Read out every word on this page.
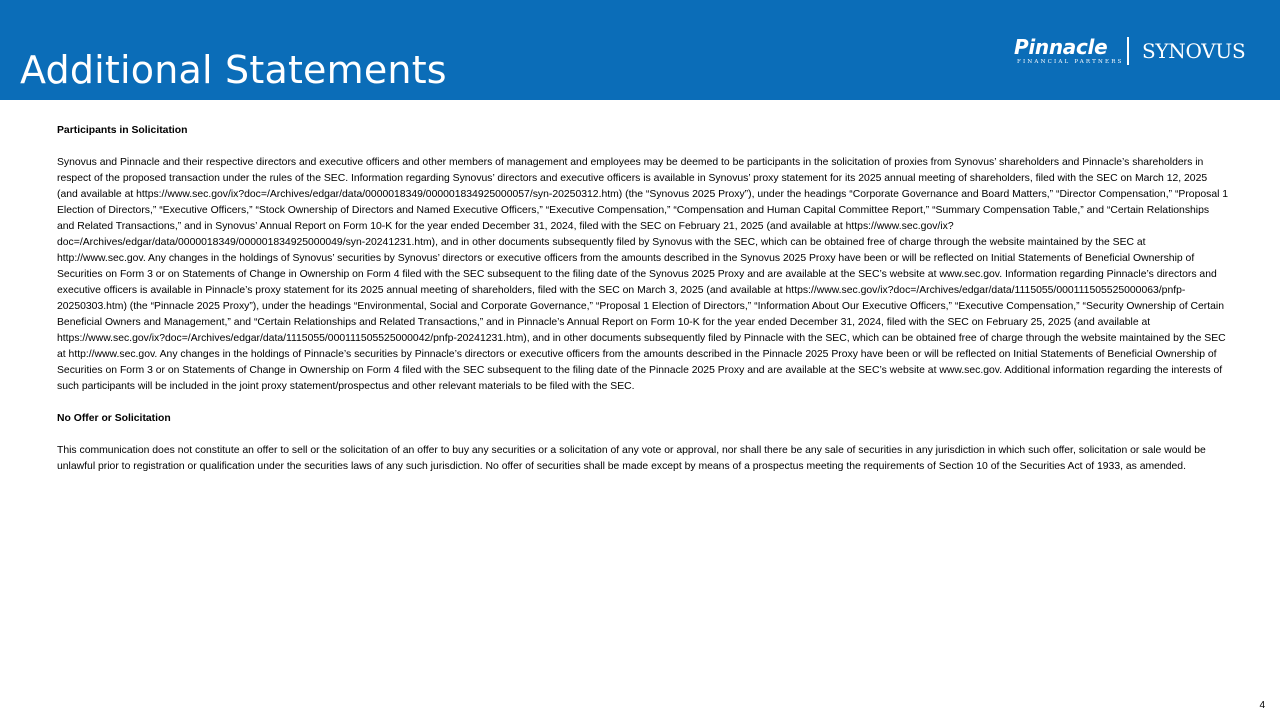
Additional Statements
Pinnacle
FINANCIAL PARTNERS SYNOVUS
Participants in Solicitation

Synovus and Pinnacle and their respective directors and executive officers and other members of management and employees may be deemed to be participants in the solicitation of proxies from Synovus’ shareholders and Pinnacle’s shareholders in respect of the proposed transaction under the rules of the SEC. Information regarding Synovus’ directors and executive officers is available in Synovus’ proxy statement for its 2025 annual meeting of shareholders, filed with the SEC on March 12, 2025 (and available at https://www.sec.gov/ix?doc=/Archives/edgar/data/0000018349/000001834925000057/syn-20250312.htm) (the “Synovus 2025 Proxy”), under the headings “Corporate Governance and Board Matters,” “Director Compensation,” “Proposal 1 Election of Directors,” “Executive Officers,” “Stock Ownership of Directors and Named Executive Officers,” “Executive Compensation,” “Compensation and Human Capital Committee Report,” “Summary Compensation Table,” and “Certain Relationships and Related Transactions,” and in Synovus’ Annual Report on Form 10-K for the year ended December 31, 2024, filed with the SEC on February 21, 2025 (and available at https://www.sec.gov/ix?doc=/Archives/edgar/data/0000018349/000001834925000049/syn-20241231.htm), and in other documents subsequently filed by Synovus with the SEC, which can be obtained free of charge through the website maintained by the SEC at http://www.sec.gov. Any changes in the holdings of Synovus’ securities by Synovus’ directors or executive officers from the amounts described in the Synovus 2025 Proxy have been or will be reflected on Initial Statements of Beneficial Ownership of Securities on Form 3 or on Statements of Change in Ownership on Form 4 filed with the SEC subsequent to the filing date of the Synovus 2025 Proxy and are available at the SEC’s website at www.sec.gov. Information regarding Pinnacle’s directors and executive officers is available in Pinnacle’s proxy statement for its 2025 annual meeting of shareholders, filed with the SEC on March 3, 2025 (and available at https://www.sec.gov/ix?doc=/Archives/edgar/data/1115055/000111505525000063/pnfp-20250303.htm) (the “Pinnacle 2025 Proxy”), under the headings “Environmental, Social and Corporate Governance,” “Proposal 1 Election of Directors,” “Information About Our Executive Officers,” “Executive Compensation,” “Security Ownership of Certain Beneficial Owners and Management,” and “Certain Relationships and Related Transactions,” and in Pinnacle’s Annual Report on Form 10-K for the year ended December 31, 2024, filed with the SEC on February 25, 2025 (and available at https://www.sec.gov/ix?doc=/Archives/edgar/data/1115055/000111505525000042/pnfp-20241231.htm), and in other documents subsequently filed by Pinnacle with the SEC, which can be obtained free of charge through the website maintained by the SEC at http://www.sec.gov. Any changes in the holdings of Pinnacle’s securities by Pinnacle’s directors or executive officers from the amounts described in the Pinnacle 2025 Proxy have been or will be reflected on Initial Statements of Beneficial Ownership of Securities on Form 3 or on Statements of Change in Ownership on Form 4 filed with the SEC subsequent to the filing date of the Pinnacle 2025 Proxy and are available at the SEC’s website at www.sec.gov. Additional information regarding the interests of such participants will be included in the joint proxy statement/prospectus and other relevant materials to be filed with the SEC.

No Offer or Solicitation

This communication does not constitute an offer to sell or the solicitation of an offer to buy any securities or a solicitation of any vote or approval, nor shall there be any sale of securities in any jurisdiction in which such offer, solicitation or sale would be unlawful prior to registration or qualification under the securities laws of any such jurisdiction. No offer of securities shall be made except by means of a prospectus meeting the requirements of Section 10 of the Securities Act of 1933, as amended.

4
